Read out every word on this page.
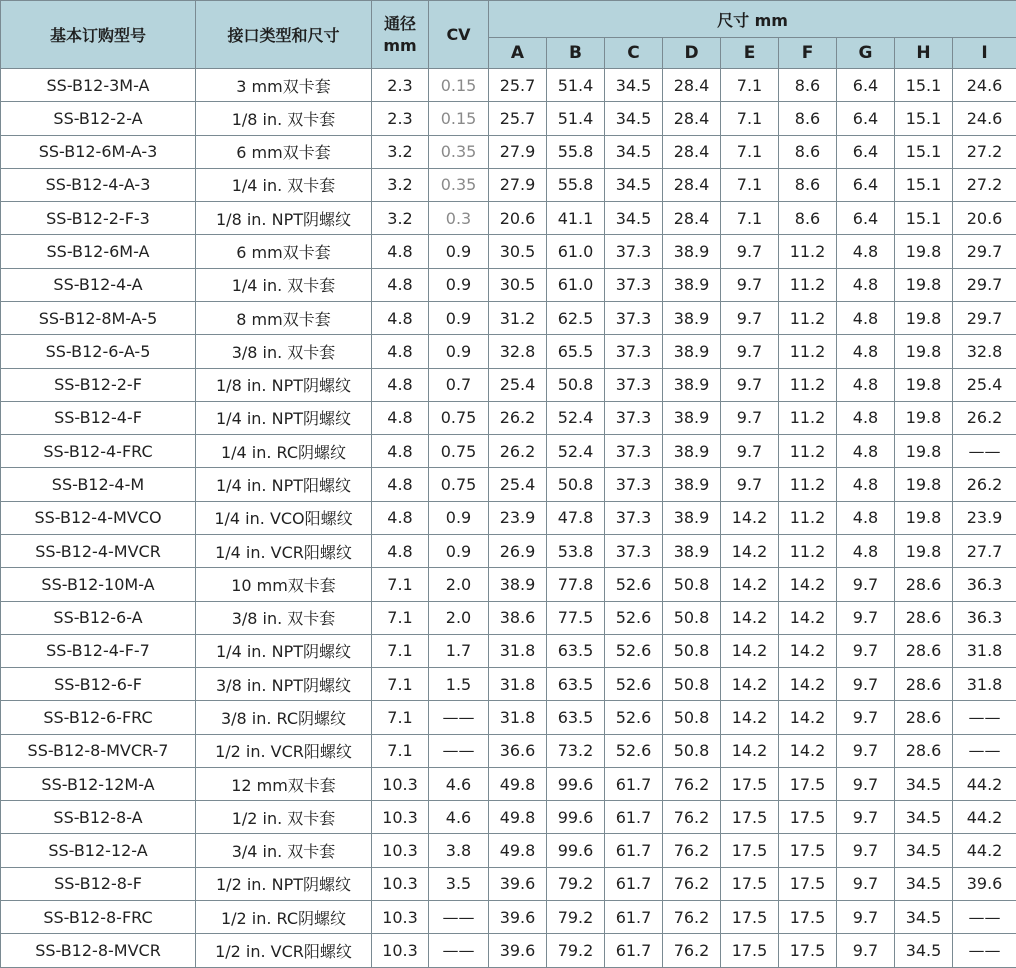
基本订购型号	接口类型和尺寸	通径
mm	CV	尺寸 mm								
				A	B	C	D	E	F	G	H	I
SS-B12-3M-A	3 mm双卡套	2.3	0.15	25.7	51.4	34.5	28.4	7.1	8.6	6.4	15.1	24.6
SS-B12-2-A	1/8 in. 双卡套	2.3	0.15	25.7	51.4	34.5	28.4	7.1	8.6	6.4	15.1	24.6
SS-B12-6M-A-3	6 mm双卡套	3.2	0.35	27.9	55.8	34.5	28.4	7.1	8.6	6.4	15.1	27.2
SS-B12-4-A-3	1/4 in. 双卡套	3.2	0.35	27.9	55.8	34.5	28.4	7.1	8.6	6.4	15.1	27.2
SS-B12-2-F-3	1/8 in. NPT阴螺纹	3.2	0.3	20.6	41.1	34.5	28.4	7.1	8.6	6.4	15.1	20.6
SS-B12-6M-A	6 mm双卡套	4.8	0.9	30.5	61.0	37.3	38.9	9.7	11.2	4.8	19.8	29.7
SS-B12-4-A	1/4 in. 双卡套	4.8	0.9	30.5	61.0	37.3	38.9	9.7	11.2	4.8	19.8	29.7
SS-B12-8M-A-5	8 mm双卡套	4.8	0.9	31.2	62.5	37.3	38.9	9.7	11.2	4.8	19.8	29.7
SS-B12-6-A-5	3/8 in. 双卡套	4.8	0.9	32.8	65.5	37.3	38.9	9.7	11.2	4.8	19.8	32.8
SS-B12-2-F	1/8 in. NPT阴螺纹	4.8	0.7	25.4	50.8	37.3	38.9	9.7	11.2	4.8	19.8	25.4
SS-B12-4-F	1/4 in. NPT阴螺纹	4.8	0.75	26.2	52.4	37.3	38.9	9.7	11.2	4.8	19.8	26.2
SS-B12-4-FRC	1/4 in. RC阴螺纹	4.8	0.75	26.2	52.4	37.3	38.9	9.7	11.2	4.8	19.8	——
SS-B12-4-M	1/4 in. NPT阳螺纹	4.8	0.75	25.4	50.8	37.3	38.9	9.7	11.2	4.8	19.8	26.2
SS-B12-4-MVCO	1/4 in. VCO阳螺纹	4.8	0.9	23.9	47.8	37.3	38.9	14.2	11.2	4.8	19.8	23.9
SS-B12-4-MVCR	1/4 in. VCR阳螺纹	4.8	0.9	26.9	53.8	37.3	38.9	14.2	11.2	4.8	19.8	27.7
SS-B12-10M-A	10 mm双卡套	7.1	2.0	38.9	77.8	52.6	50.8	14.2	14.2	9.7	28.6	36.3
SS-B12-6-A	3/8 in. 双卡套	7.1	2.0	38.6	77.5	52.6	50.8	14.2	14.2	9.7	28.6	36.3
SS-B12-4-F-7	1/4 in. NPT阴螺纹	7.1	1.7	31.8	63.5	52.6	50.8	14.2	14.2	9.7	28.6	31.8
SS-B12-6-F	3/8 in. NPT阴螺纹	7.1	1.5	31.8	63.5	52.6	50.8	14.2	14.2	9.7	28.6	31.8
SS-B12-6-FRC	3/8 in. RC阴螺纹	7.1	——	31.8	63.5	52.6	50.8	14.2	14.2	9.7	28.6	——
SS-B12-8-MVCR-7	1/2 in. VCR阳螺纹	7.1	——	36.6	73.2	52.6	50.8	14.2	14.2	9.7	28.6	——
SS-B12-12M-A	12 mm双卡套	10.3	4.6	49.8	99.6	61.7	76.2	17.5	17.5	9.7	34.5	44.2
SS-B12-8-A	1/2 in. 双卡套	10.3	4.6	49.8	99.6	61.7	76.2	17.5	17.5	9.7	34.5	44.2
SS-B12-12-A	3/4 in. 双卡套	10.3	3.8	49.8	99.6	61.7	76.2	17.5	17.5	9.7	34.5	44.2
SS-B12-8-F	1/2 in. NPT阴螺纹	10.3	3.5	39.6	79.2	61.7	76.2	17.5	17.5	9.7	34.5	39.6
SS-B12-8-FRC	1/2 in. RC阴螺纹	10.3	——	39.6	79.2	61.7	76.2	17.5	17.5	9.7	34.5	——
SS-B12-8-MVCR	1/2 in. VCR阳螺纹	10.3	——	39.6	79.2	61.7	76.2	17.5	17.5	9.7	34.5	——
